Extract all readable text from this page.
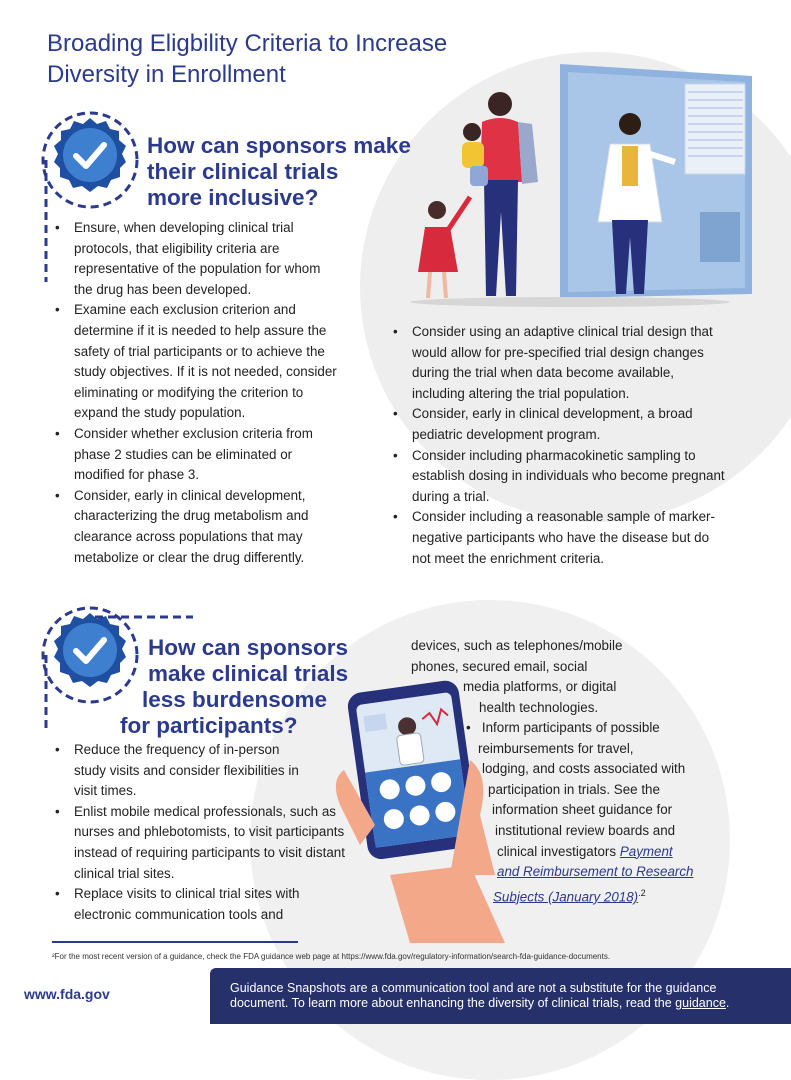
Broading Eligbility Criteria to Increase
Diversity in Enrollment
How can sponsors make
their clinical trials
more inclusive?
• Ensure, when developing clinical trial protocols, that eligibility criteria are representative of the population for whom the drug has been developed.
• Examine each exclusion criterion and determine if it is needed to help assure the safety of trial participants or to achieve the study objectives. If it is not needed, consider eliminating or modifying the criterion to expand the study population.
• Consider whether exclusion criteria from phase 2 studies can be eliminated or modified for phase 3.
• Consider, early in clinical development, characterizing the drug metabolism and clearance across populations that may metabolize or clear the drug differently.
• Consider using an adaptive clinical trial design that would allow for pre-specified trial design changes during the trial when data become available, including altering the trial population.
• Consider, early in clinical development, a broad pediatric development program.
• Consider including pharmacokinetic sampling to establish dosing in individuals who become pregnant during a trial.
• Consider including a reasonable sample of marker-negative participants who have the disease but do not meet the enrichment criteria.
How can sponsors
make clinical trials
less burdensome
for participants?
• Reduce the frequency of in-person study visits and consider flexibilities in visit times.
• Enlist mobile medical professionals, such as nurses and phlebotomists, to visit participants instead of requiring participants to visit distant clinical trial sites.
• Replace visits to clinical trial sites with electronic communication tools and
devices, such as telephones/mobile
phones, secured email, social
media platforms, or digital
health technologies.
•   Inform participants of possible
reimbursements for travel,
lodging, and costs associated with
participation in trials. See the
information sheet guidance for
institutional review boards and
clinical investigators Payment
and Reimbursement to Research
Subjects (January 2018)$^{.2}$
²For the most recent version of a guidance, check the FDA guidance web page at https://www.fda.gov/regulatory-information/search-fda-guidance-documents.
www.fda.gov	Guidance Snapshots are a communication tool and are not a substitute for the guidance
document. To learn more about enhancing the diversity of clinical trials, read the guidance.
